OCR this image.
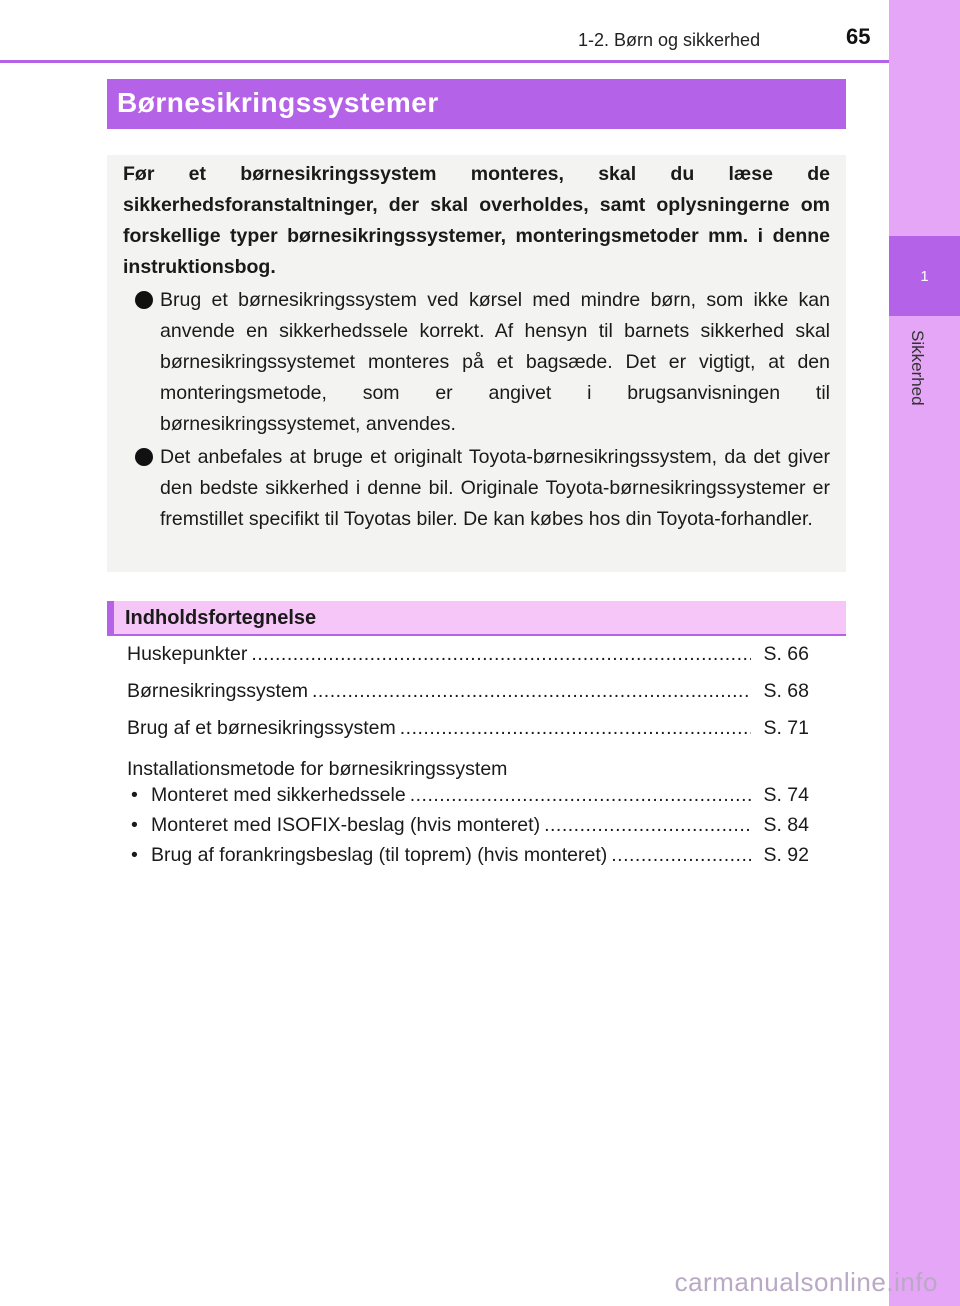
1
Sikkerhed
1-2. Børn og sikkerhed	65
Børnesikringssystemer

Før et børnesikringssystem monteres, skal du læse de sikkerhedsforanstaltninger, der skal overholdes, samt oplysningerne om forskellige typer børnesikringssystemer, monteringsmetoder mm. i denne instruktionsbog.

Brug et børnesikringssystem ved kørsel med mindre børn, som ikke kan anvende en sikkerhedssele korrekt. Af hensyn til barnets sikkerhed skal børnesikringssystemet monteres på et bagsæde. Det er vigtigt, at den monteringsmetode, som er angivet i brugsanvisningen til børnesikringssystemet, anvendes.
Det anbefales at bruge et originalt Toyota-børnesikringssystem, da det giver den bedste sikkerhed i denne bil. Originale Toyota-børnesikringssystemer er fremstillet specifikt til Toyotas biler. De kan købes hos din Toyota-forhandler.
Indholdsfortegnelse
Huskepunkter .....	S. 66
Børnesikringssystem .....	S. 68
Brug af et børnesikringssystem .....	S. 71
Installationsmetode for børnesikringssystem
• Monteret med sikkerhedssele .....	S. 74
• Monteret med ISOFIX-beslag (hvis monteret) .....	S. 84
• Brug af forankringsbeslag (til toprem) (hvis monteret) .....	S. 92
carmanualsonline.info
